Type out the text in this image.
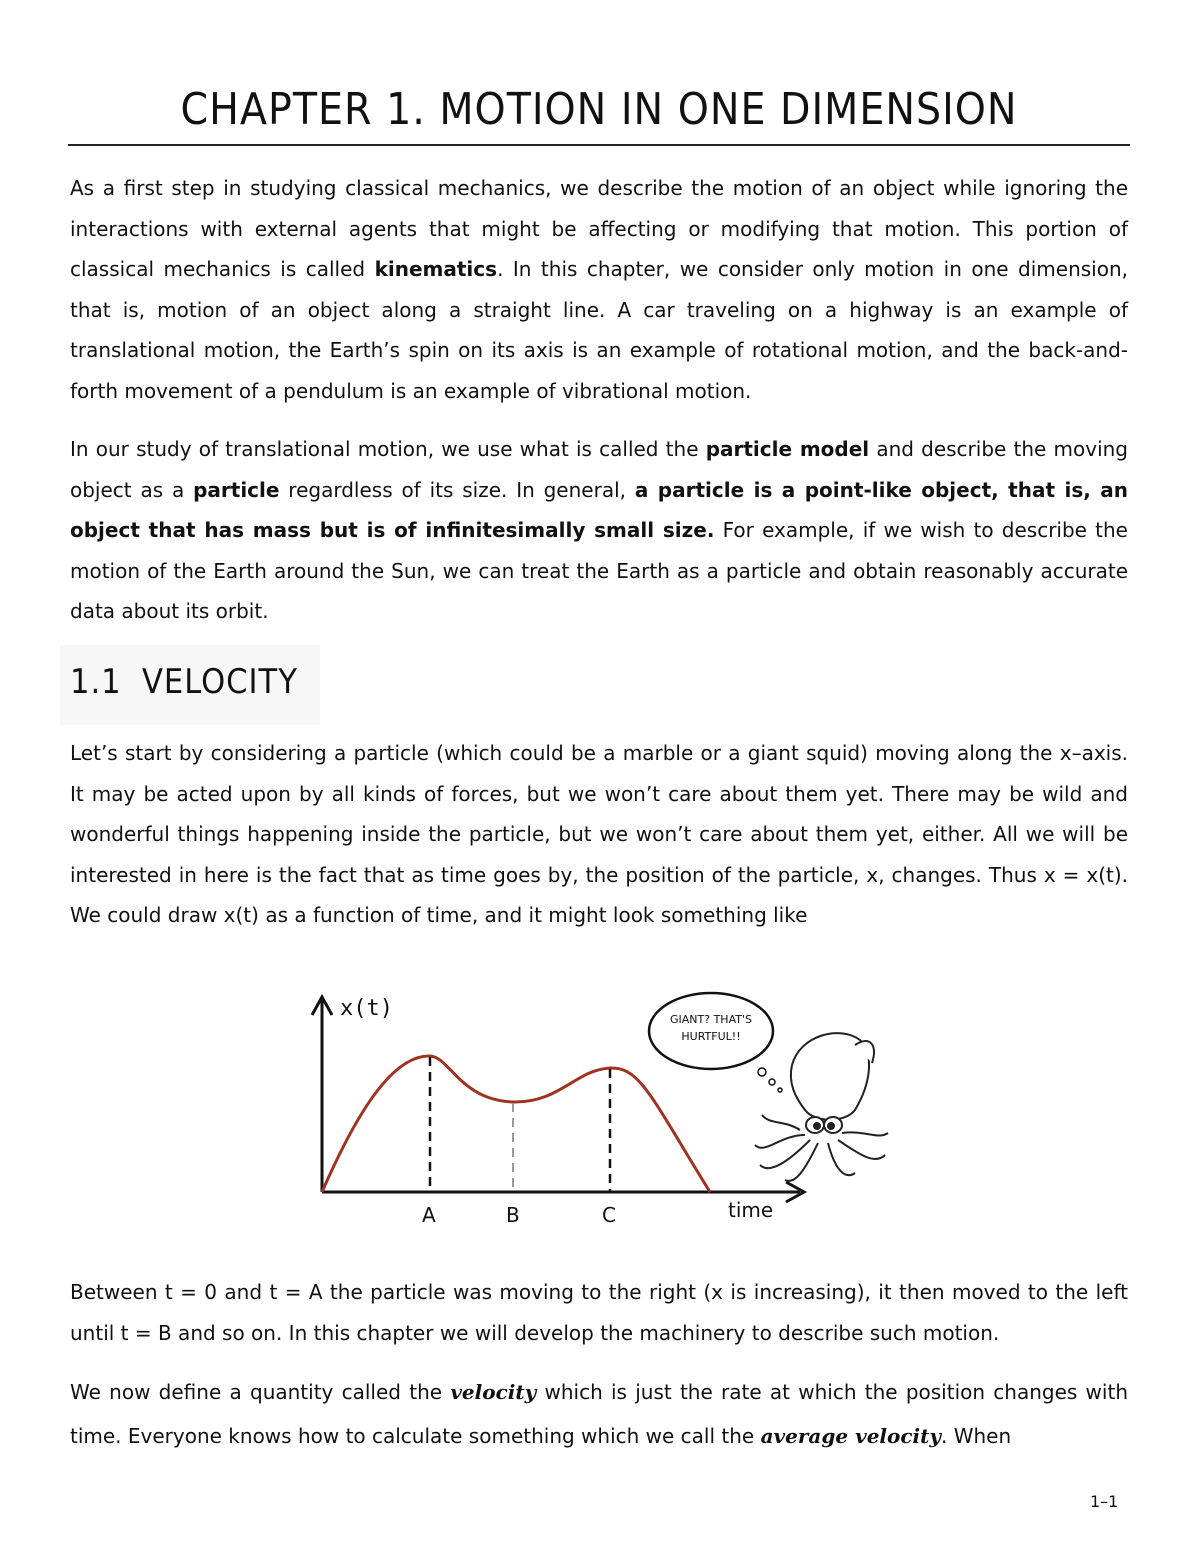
CHAPTER 1. MOTION IN ONE DIMENSION

As a first step in studying classical mechanics, we describe the motion of an object while ignoring the interactions with external agents that might be affecting or modifying that motion. This portion of classical mechanics is called kinematics. In this chapter, we consider only motion in one dimension, that is, motion of an object along a straight line. A car traveling on a highway is an example of translational motion, the Earth’s spin on its axis is an example of rotational motion, and the back-and-forth movement of a pendulum is an example of vibrational motion.

In our study of translational motion, we use what is called the particle model and describe the moving object as a particle regardless of its size. In general, a particle is a point-like object, that is, an object that has mass but is of infinitesimally small size. For example, if we wish to describe the motion of the Earth around the Sun, we can treat the Earth as a particle and obtain reasonably accurate data about its orbit.

1.1 VELOCITY

Let’s start by considering a particle (which could be a marble or a giant squid) moving along the x–axis. It may be acted upon by all kinds of forces, but we won’t care about them yet. There may be wild and wonderful things happening inside the particle, but we won’t care about them yet, either. All we will be interested in here is the fact that as time goes by, the position of the particle, x, changes. Thus x = x(t). We could draw x(t) as a function of time, and it might look something like

x(t)
time
A	B	C
GIANT? THAT'S
HURTFUL!!

Between t = 0 and t = A the particle was moving to the right (x is increasing), it then moved to the left until t = B and so on. In this chapter we will develop the machinery to describe such motion.

We now define a quantity called the velocity which is just the rate at which the position changes with time. Everyone knows how to calculate something which we call the average velocity. When

1–1
